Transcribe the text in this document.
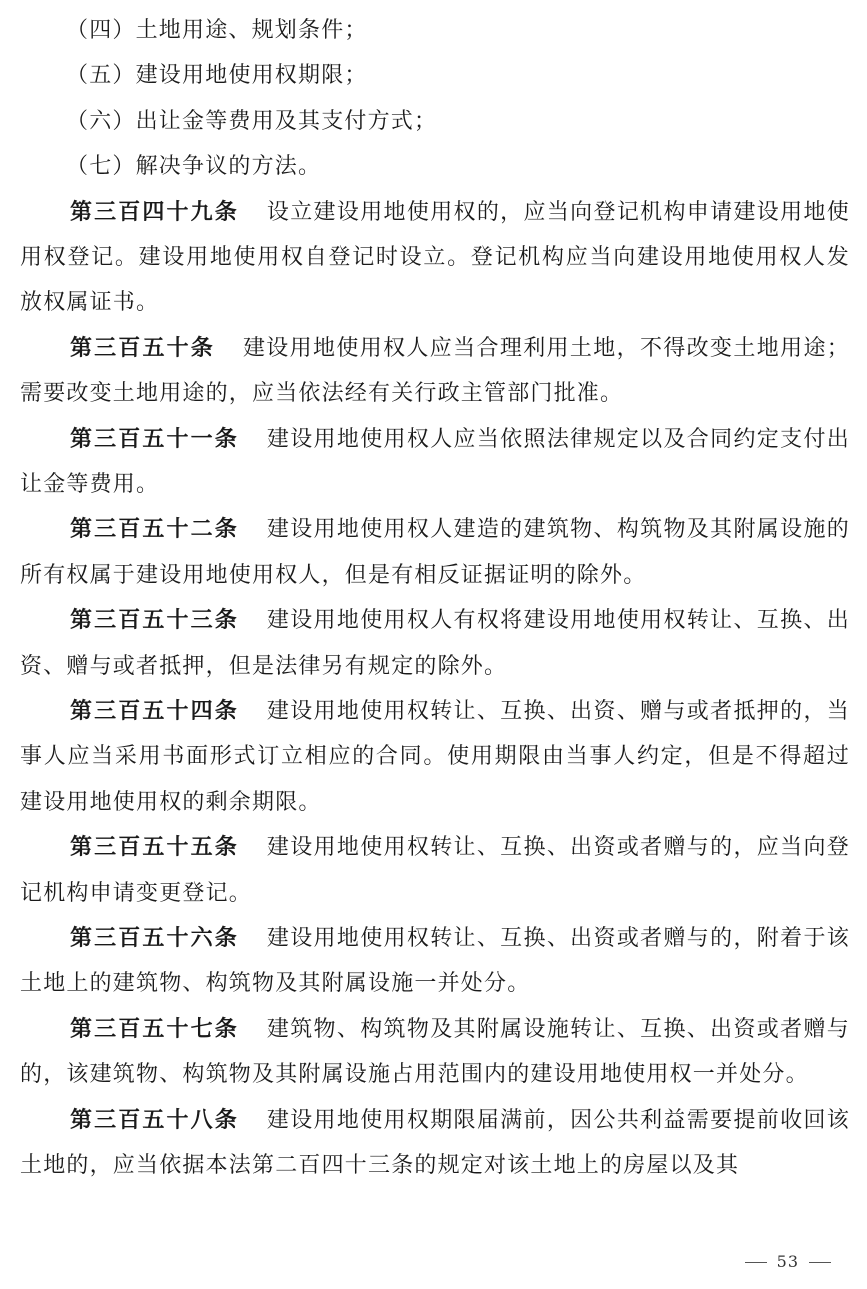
（四）土地用途、规划条件；
（五）建设用地使用权期限；
（六）出让金等费用及其支付方式；
（七）解决争议的方法。

第三百四十九条 设立建设用地使用权的，应当向登记机构申请建设用地使用权登记。建设用地使用权自登记时设立。登记机构应当向建设用地使用权人发放权属证书。

第三百五十条 建设用地使用权人应当合理利用土地，不得改变土地用途；需要改变土地用途的，应当依法经有关行政主管部门批准。

第三百五十一条 建设用地使用权人应当依照法律规定以及合同约定支付出让金等费用。

第三百五十二条 建设用地使用权人建造的建筑物、构筑物及其附属设施的所有权属于建设用地使用权人，但是有相反证据证明的除外。

第三百五十三条 建设用地使用权人有权将建设用地使用权转让、互换、出资、赠与或者抵押，但是法律另有规定的除外。

第三百五十四条 建设用地使用权转让、互换、出资、赠与或者抵押的，当事人应当采用书面形式订立相应的合同。使用期限由当事人约定，但是不得超过建设用地使用权的剩余期限。

第三百五十五条 建设用地使用权转让、互换、出资或者赠与的，应当向登记机构申请变更登记。

第三百五十六条 建设用地使用权转让、互换、出资或者赠与的，附着于该土地上的建筑物、构筑物及其附属设施一并处分。

第三百五十七条 建筑物、构筑物及其附属设施转让、互换、出资或者赠与的，该建筑物、构筑物及其附属设施占用范围内的建设用地使用权一并处分。

第三百五十八条 建设用地使用权期限届满前，因公共利益需要提前收回该土地的，应当依据本法第二百四十三条的规定对该土地上的房屋以及其

53
